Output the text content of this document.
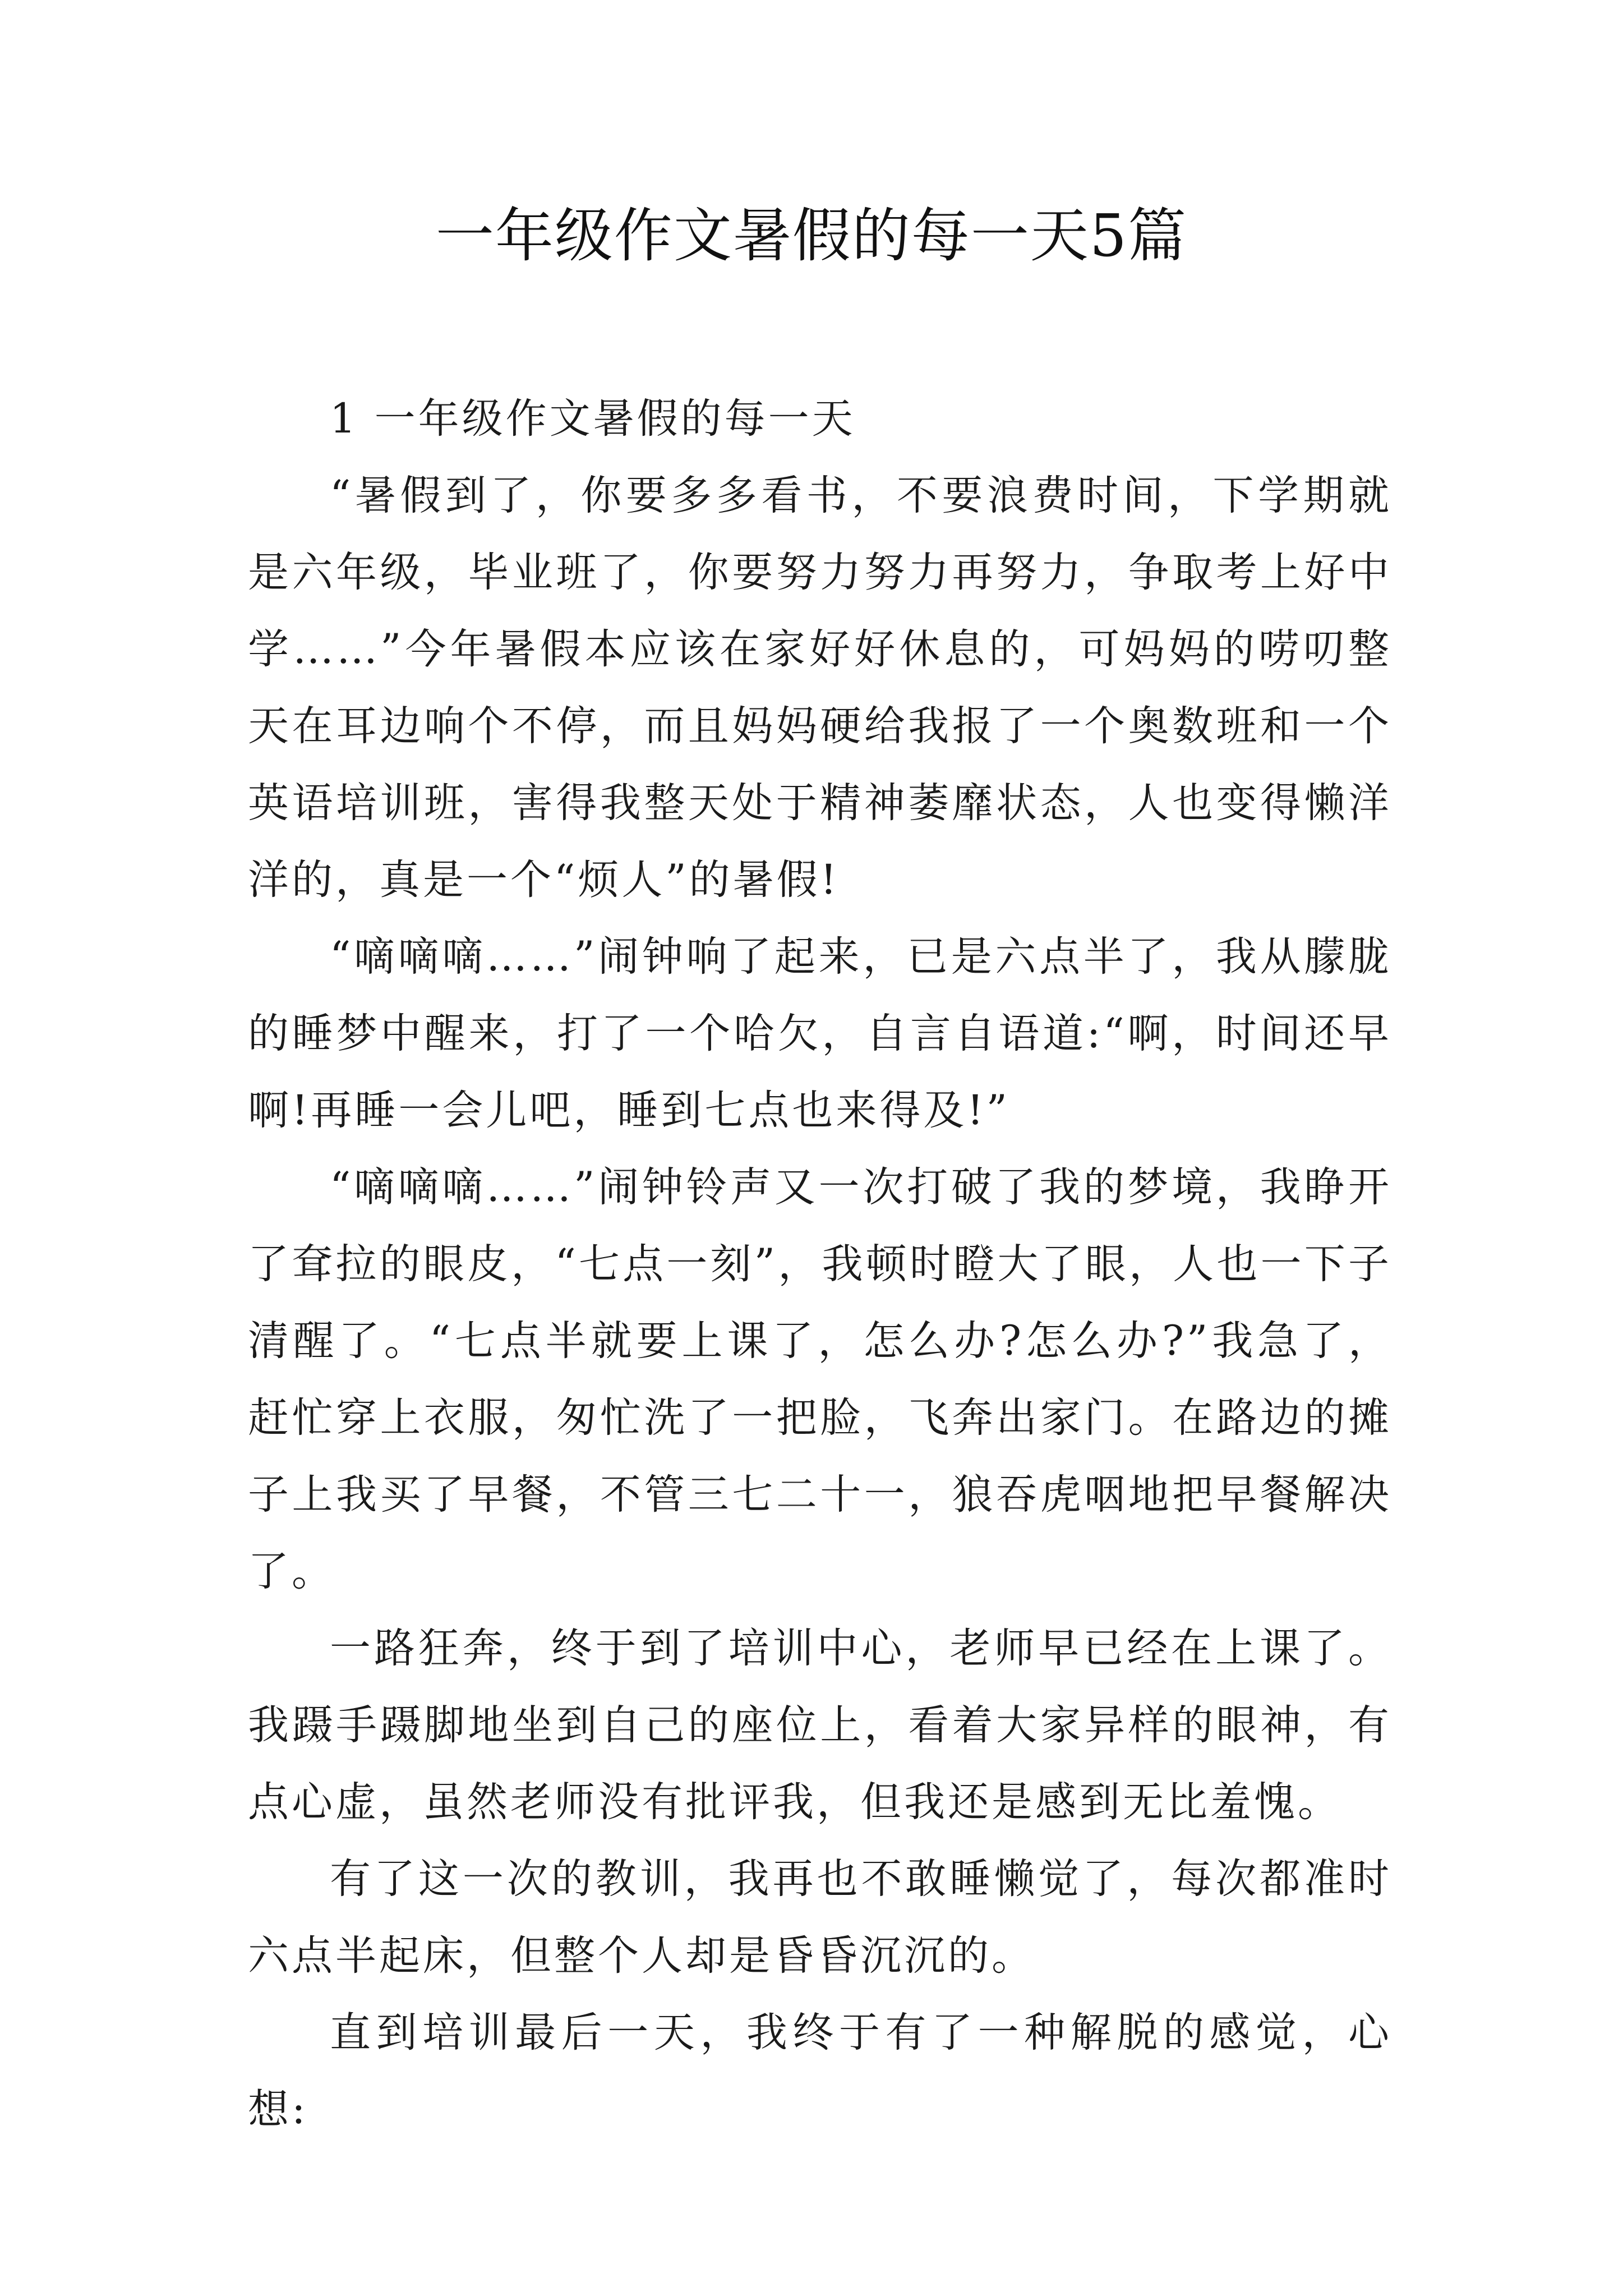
一年级作文暑假的每一天5篇

1 一年级作文暑假的每一天

“暑假到了，你要多多看书，不要浪费时间，下学期就是六年级，毕业班了，你要努力努力再努力，争取考上好中学……”今年暑假本应该在家好好休息的，可妈妈的唠叨整天在耳边响个不停，而且妈妈硬给我报了一个奥数班和一个英语培训班，害得我整天处于精神萎靡状态，人也变得懒洋洋的，真是一个“烦人”的暑假!

“嘀嘀嘀……”闹钟响了起来，已是六点半了，我从朦胧的睡梦中醒来，打了一个哈欠，自言自语道:“啊，时间还早啊!再睡一会儿吧，睡到七点也来得及!”

“嘀嘀嘀……”闹钟铃声又一次打破了我的梦境，我睁开了耷拉的眼皮，“七点一刻”，我顿时瞪大了眼，人也一下子清醒了。“七点半就要上课了，怎么办?怎么办?”我急了，赶忙穿上衣服，匆忙洗了一把脸，飞奔出家门。在路边的摊子上我买了早餐，不管三七二十一，狼吞虎咽地把早餐解决了。

一路狂奔，终于到了培训中心，老师早已经在上课了。我蹑手蹑脚地坐到自己的座位上，看着大家异样的眼神，有点心虚，虽然老师没有批评我，但我还是感到无比羞愧。

有了这一次的教训，我再也不敢睡懒觉了，每次都准时六点半起床，但整个人却是昏昏沉沉的。

直到培训最后一天，我终于有了一种解脱的感觉，心想:
